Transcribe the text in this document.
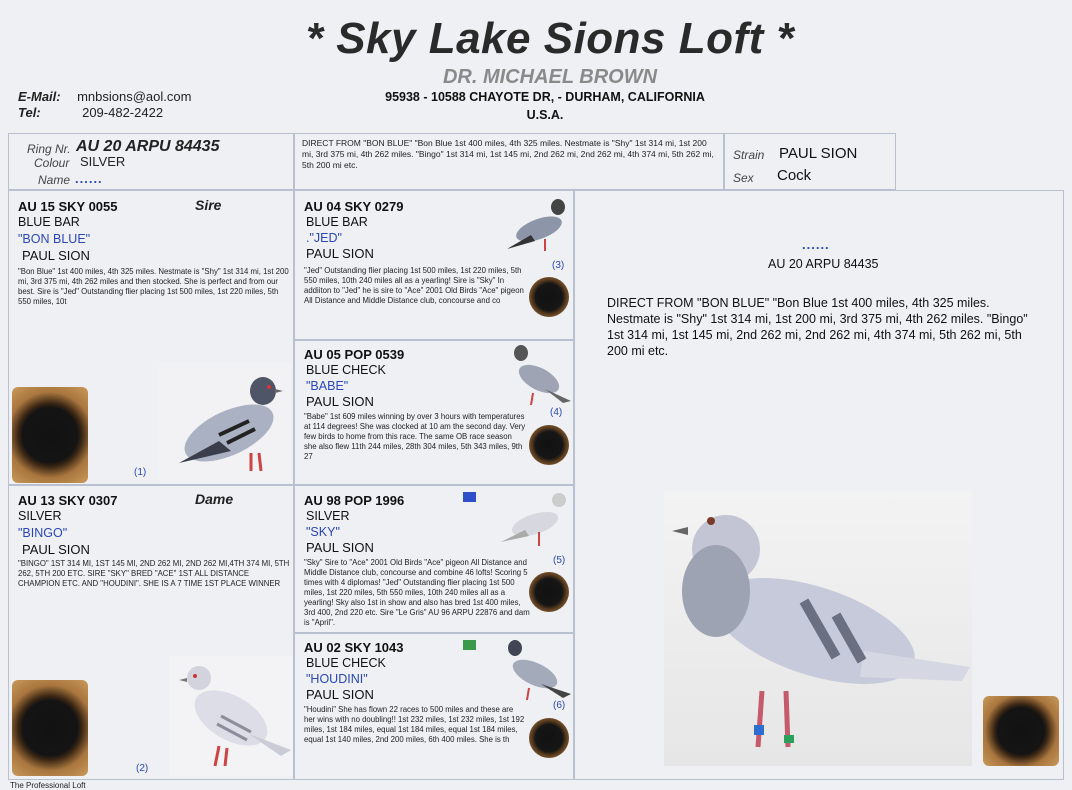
* Sky Lake Sions Loft *
DR. MICHAEL BROWN
95938 - 10588 CHAYOTE DR, - DURHAM, CALIFORNIA
U.S.A.
E-Mail: mnbsions@aol.com
Tel:	209-482-2422
Ring Nr. AU 20 ARPU 84435
Colour SILVER
Name ......
DIRECT FROM "BON BLUE" "Bon Blue 1st 400 miles, 4th 325 miles. Nestmate is "Shy" 1st 314 mi, 1st 200 mi, 3rd 375 mi, 4th 262 miles. "Bingo" 1st 314 mi, 1st 145 mi, 2nd 262 mi, 2nd 262 mi, 4th 374 mi, 5th 262 mi, 5th 200 mi etc.
Strain PAUL SION
Sex Cock
AU 15 SKY 0055	Sire
BLUE BAR
"BON BLUE"
PAUL SION
"Bon Blue" 1st 400 miles, 4th 325 miles. Nestmate is "Shy" 1st 314 mi, 1st 200 mi, 3rd 375 mi, 4th 262 miles and then stocked. She is perfect and from our best. Sire is "Jed" Outstanding flier placing 1st 500 miles, 1st 220 miles, 5th 550 miles, 10t
(1)
AU 13 SKY 0307	Dame
SILVER
"BINGO"
PAUL SION
"BINGO" 1ST 314 MI, 1ST 145 MI, 2ND 262 MI, 2ND 262 MI,4TH 374 MI, 5TH 262, 5TH 200 ETC. SIRE "SKY" BRED "ACE" 1ST ALL DISTANCE CHAMPION ETC. AND "HOUDINI". SHE IS A 7 TIME 1ST PLACE WINNER
(2)
AU 04 SKY 0279
BLUE BAR
."JED"
PAUL SION
"Jed" Outstanding flier placing 1st 500 miles, 1st 220 miles, 5th 550 miles, 10th 240 miles all as a yearling! Sire is "Sky" In addiiton to "Jed" he is sire to "Ace" 2001 Old Birds "Ace" pigeon All Distance and Middle Distance club, concourse and co
(3)
AU 05 POP 0539
BLUE CHECK
"BABE"
PAUL SION
"Babe" 1st 609 miles winning by over 3 hours with temperatures at 114 degrees! She was clocked at 10 am the second day. Very few birds to home from this race. The same OB race season she also flew 11th 244 miles, 28th 304 miles, 5th 343 miles, 9th 27
(4)
AU 98 POP 1996
SILVER
"SKY"
PAUL SION
"Sky" Sire to "Ace" 2001 Old Birds "Ace" pigeon All Distance and Middle Distance club, concourse and combine 46 lofts! Scoring 5 times with 4 diplomas! "Jed" Outstanding flier placing 1st 500 miles, 1st 220 miles, 5th 550 miles, 10th 240 miles all as a yearling! Sky also 1st in show and also has bred 1st 400 miles, 3rd 400, 2nd 220 etc. Sire "Le Gris" AU 96 ARPU 22876 and dam is "April".
(5)
AU 02 SKY 1043
BLUE CHECK
"HOUDINI"
PAUL SION
"Houdini" She has flown 22 races to 500 miles and these are her wins with no doubling!! 1st 232 miles, 1st 232 miles, 1st 192 miles, 1st 184 miles, equal 1st 184 miles, equal 1st 184 miles, equal 1st 140 miles, 2nd 200 miles, 6th 400 miles. She is th
(6)
......
AU 20 ARPU 84435
DIRECT FROM "BON BLUE" "Bon Blue 1st 400 miles, 4th 325 miles. Nestmate is "Shy" 1st 314 mi, 1st 200 mi, 3rd 375 mi, 4th 262 miles. "Bingo" 1st 314 mi, 1st 145 mi, 2nd 262 mi, 2nd 262 mi, 4th 374 mi, 5th 262 mi, 5th 200 mi etc.
The Professional Loft
